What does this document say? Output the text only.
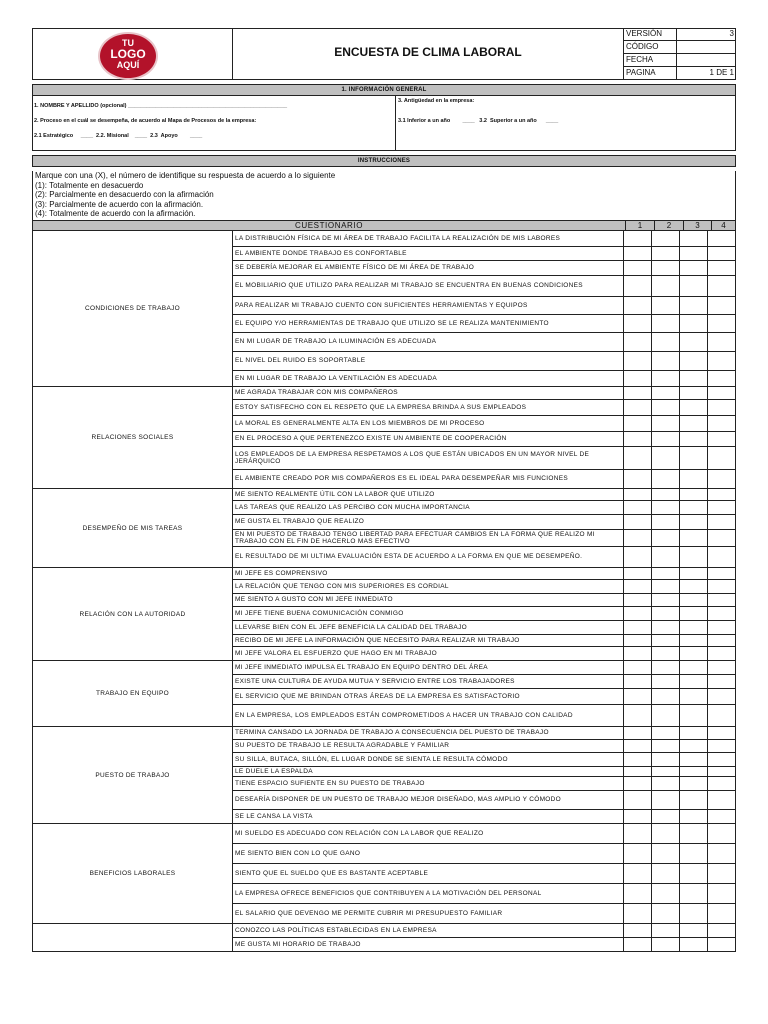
TU
LOGO
AQUÍ
ENCUESTA DE CLIMA LABORAL
VERSIÓN	3
CÓDIGO
FECHA
PAGINA	1 DE 1
1. INFORMACIÓN GENERAL
1. NOMBRE Y APELLIDO (opcional) ____________________________________________________
2. Proceso en el cuál se desempeña, de acuerdo al Mapa de Procesos de la empresa:
2.1 Estratégico     ____  2.2. Misional    ____  2.3  Apoyo        ____
3. Antigüedad en la empresa:
3.1 Inferior a un año        ____   3.2  Superior a un año      ____
INSTRUCCIONES
Marque con una (X), el número de identifique su respuesta de acuerdo a lo siguiente
(1): Totalmente en desacuerdo
(2): Parcialmente en desacuerdo con la afirmación
(3): Parcialmente de acuerdo con la afirmación.
(4): Totalmente de acuerdo con la afirmación.
CUESTIONARIO	1	2	3	4
CONDICIONES DE TRABAJO
LA DISTRIBUCIÓN FÍSICA DE MI ÁREA DE TRABAJO FACILITA LA REALIZACIÓN DE MIS LABORES
EL AMBIENTE DONDE TRABAJO ES CONFORTABLE
SE DEBERÍA MEJORAR EL AMBIENTE FÍSICO DE MI ÁREA DE TRABAJO
EL MOBILIARIO QUE UTILIZO PARA REALIZAR MI TRABAJO SE ENCUENTRA EN BUENAS CONDICIONES
PARA REALIZAR MI TRABAJO CUENTO CON SUFICIENTES HERRAMIENTAS Y EQUIPOS
EL EQUIPO Y/O HERRAMIENTAS DE TRABAJO QUE UTILIZO SE LE REALIZA MANTENIMIENTO
EN MI LUGAR DE TRABAJO LA ILUMINACIÓN ES ADECUADA
EL NIVEL DEL RUIDO ES SOPORTABLE
EN MI LUGAR DE TRABAJO LA VENTILACIÓN ES ADECUADA
RELACIONES SOCIALES
ME AGRADA TRABAJAR CON MIS COMPAÑEROS
ESTOY SATISFECHO CON EL RESPETO QUE LA EMPRESA BRINDA A SUS EMPLEADOS
LA MORAL ES GENERALMENTE ALTA EN LOS MIEMBROS DE MI PROCESO
EN EL PROCESO A QUE PERTENEZCO EXISTE UN AMBIENTE DE COOPERACIÓN
LOS EMPLEADOS DE LA EMPRESA RESPETAMOS A LOS QUE ESTÁN UBICADOS EN UN MAYOR NIVEL DE JERÁRQUICO
EL AMBIENTE CREADO POR MIS COMPAÑEROS ES EL IDEAL PARA DESEMPEÑAR MIS FUNCIONES
DESEMPEÑO DE MIS TAREAS
ME SIENTO REALMENTE ÚTIL CON LA LABOR QUE UTILIZO
LAS TAREAS QUE REALIZO LAS PERCIBO CON MUCHA IMPORTANCIA
ME GUSTA EL TRABAJO QUE REALIZO
EN MI PUESTO DE TRABAJO TENGO LIBERTAD PARA EFECTUAR CAMBIOS EN LA FORMA QUE REALIZO MI TRABAJO CON EL FIN DE HACERLO MAS EFECTIVO
EL RESULTADO DE MI ULTIMA EVALUACIÓN ESTA DE ACUERDO A LA FORMA EN QUE ME DESEMPEÑO.
RELACIÓN CON LA AUTORIDAD
MI JEFE ES COMPRENSIVO
LA RELACIÓN QUE TENGO CON MIS SUPERIORES ES CORDIAL
ME SIENTO A GUSTO CON MI JEFE INMEDIATO
MI JEFE TIENE BUENA COMUNICACIÓN CONMIGO
LLEVARSE BIEN CON EL JEFE BENEFICIA LA CALIDAD DEL TRABAJO
RECIBO DE MI JEFE LA INFORMACIÓN QUE NECESITO PARA REALIZAR MI TRABAJO
MI JEFE VALORA EL ESFUERZO QUE HAGO EN MI TRABAJO
TRABAJO EN EQUIPO
MI JEFE INMEDIATO IMPULSA EL TRABAJO EN EQUIPO DENTRO DEL ÁREA
EXISTE UNA CULTURA DE AYUDA MUTUA Y SERVICIO ENTRE LOS TRABAJADORES
EL SERVICIO QUE ME BRINDAN OTRAS ÁREAS DE LA EMPRESA ES SATISFACTORIO
EN LA EMPRESA, LOS EMPLEADOS ESTÁN COMPROMETIDOS A HACER UN TRABAJO CON CALIDAD
PUESTO DE TRABAJO
TERMINA CANSADO LA JORNADA DE TRABAJO A CONSECUENCIA DEL PUESTO DE TRABAJO
SU PUESTO DE TRABAJO LE RESULTA AGRADABLE Y FAMILIAR
SU SILLA, BUTACA, SILLÓN, EL LUGAR DONDE SE SIENTA LE RESULTA CÓMODO
LE DUELE LA ESPALDA
TIENE ESPACIO SUFIENTE EN SU PUESTO DE TRABAJO
DESEARÍA DISPONER DE UN PUESTO DE TRABAJO MEJOR DISEÑADO, MAS AMPLIO Y CÓMODO
SE LE CANSA LA VISTA
BENEFICIOS LABORALES
MI SUELDO ES ADECUADO CON RELACIÓN CON LA LABOR QUE REALIZO
ME SIENTO BIEN CON LO QUE GANO
SIENTO QUE EL SUELDO QUE ES BASTANTE ACEPTABLE
LA EMPRESA OFRECE BENEFICIOS QUE CONTRIBUYEN A LA MOTIVACIÓN DEL PERSONAL
EL SALARIO QUE DEVENGO ME PERMITE CUBRIR MI PRESUPUESTO FAMILIAR
CONOZCO LAS POLÍTICAS ESTABLECIDAS EN LA EMPRESA
ME GUSTA MI HORARIO DE TRABAJO
